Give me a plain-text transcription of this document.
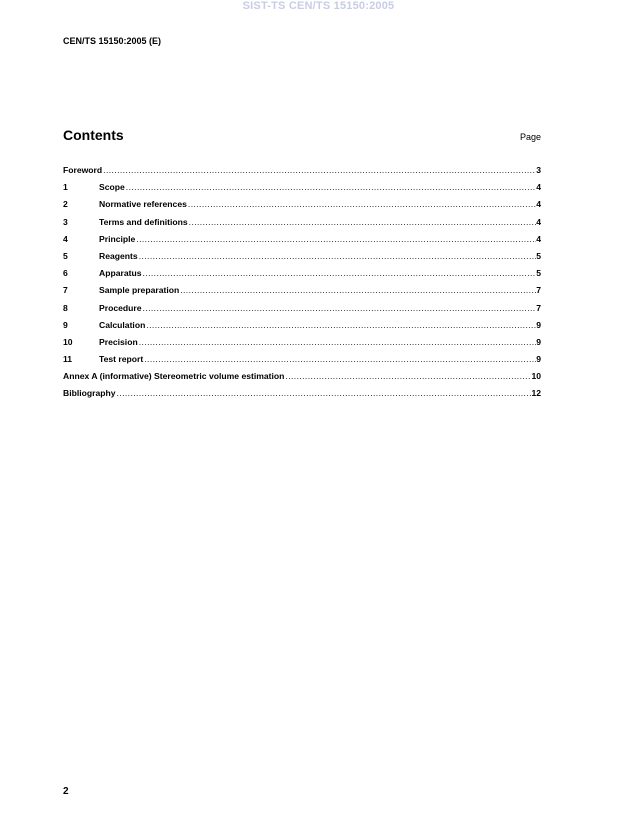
SIST-TS CEN/TS 15150:2005
CEN/TS 15150:2005 (E)
Contents	Page
Foreword .....	3
1	Scope .....	4
2	Normative references .....	4
3	Terms and definitions .....	4
4	Principle .....	4
5	Reagents .....	5
6	Apparatus .....	5
7	Sample preparation .....	7
8	Procedure .....	7
9	Calculation .....	9
10	Precision .....	9
11	Test report .....	9
Annex A (informative) Stereometric volume estimation .....	10
Bibliography .....	12
2
